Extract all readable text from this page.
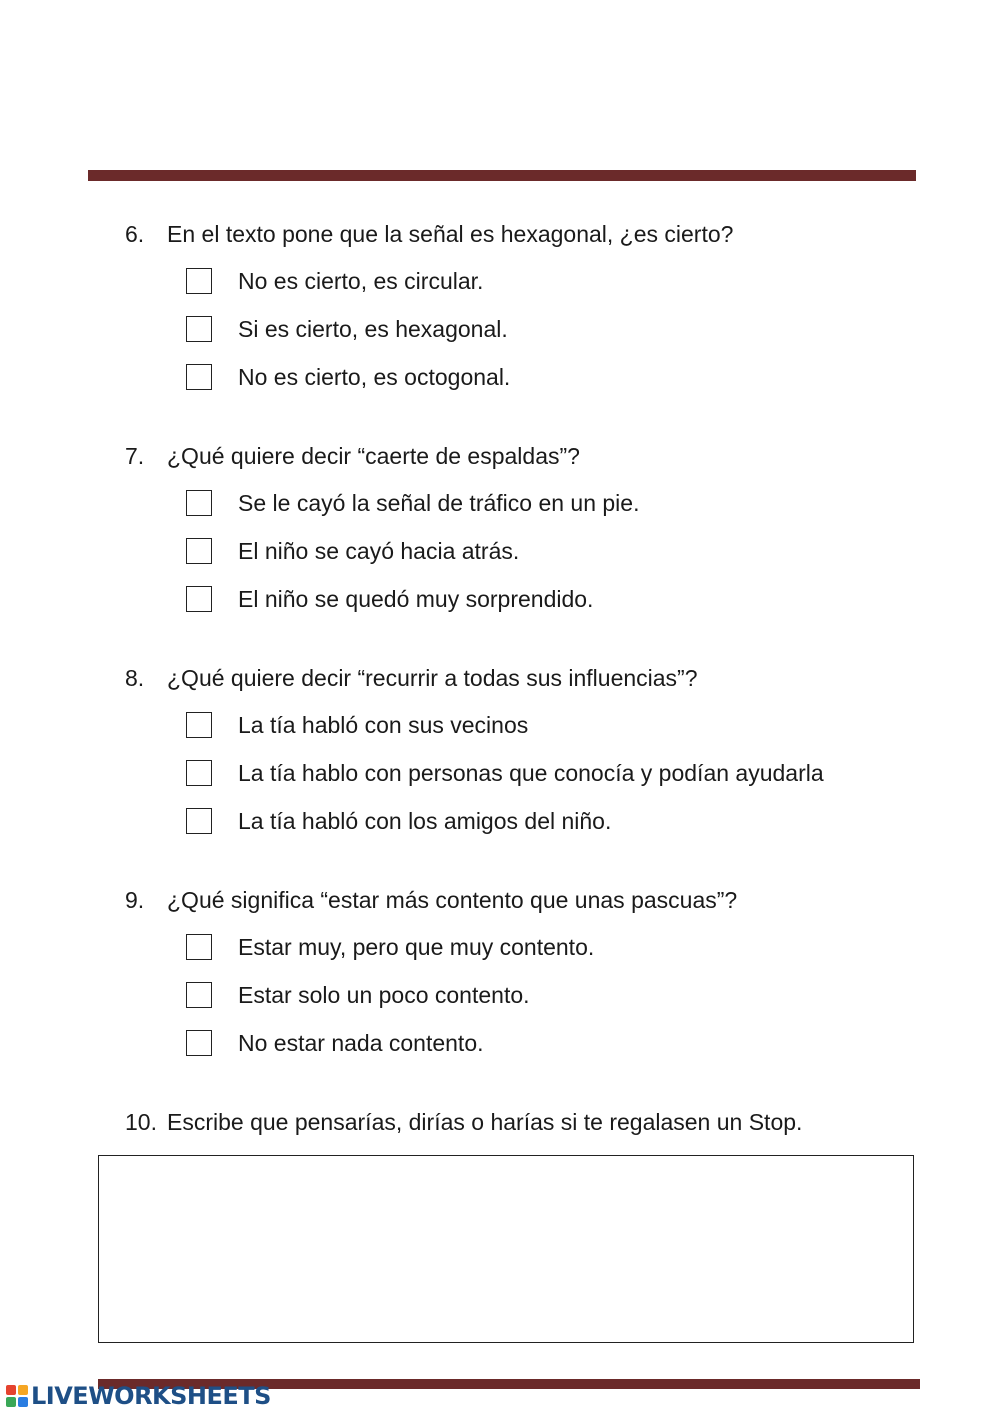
6. En el texto pone que la señal es hexagonal, ¿es cierto?
No es cierto, es circular.
Si es cierto, es hexagonal.
No es cierto, es octogonal.
7. ¿Qué quiere decir “caerte de espaldas”?
Se le cayó la señal de tráfico en un pie.
El niño se cayó hacia atrás.
El niño se quedó muy sorprendido.
8. ¿Qué quiere decir “recurrir a todas sus influencias”?
La tía habló con sus vecinos
La tía hablo con personas que conocía y podían ayudarla
La tía habló con los amigos del niño.
9. ¿Qué significa “estar más contento que unas pascuas”?
Estar muy, pero que muy contento.
Estar solo un poco contento.
No estar nada contento.
10. Escribe que pensarías, dirías o harías si te regalasen un Stop.
LIVEWORKSHEETS
